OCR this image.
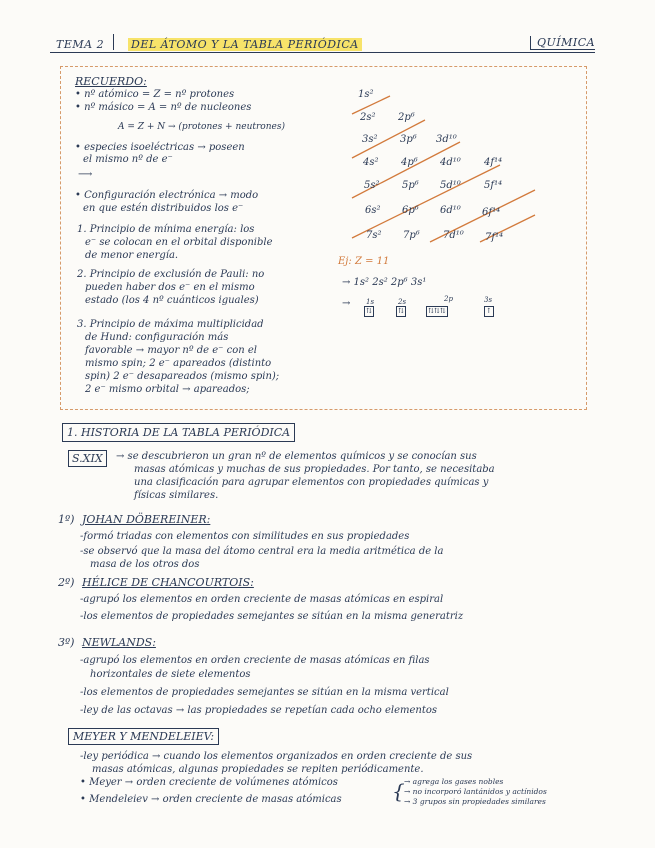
TEMA 2 DEL ÁTOMO Y LA TABLA PERIÓDICA	QUÍMICA
RECUERDO:
• nº atómico = Z = nº protones
• nº másico = A = nº de nucleones
A = Z + N → (protones + neutrones)
• especies isoeléctricas → poseen
el mismo nº de e⁻
⟶
• Configuración electrónica → modo
en que estén distribuidos los e⁻
1. Principio de mínima energía: los
e⁻ se colocan en el orbital disponible
de menor energía.
2. Principio de exclusión de Pauli: no
pueden haber dos e⁻ en el mismo
estado (los 4 nº cuánticos iguales)
3. Principio de máxima multiplicidad
de Hund: configuración más
favorable → mayor nº de e⁻ con el
mismo spin; 2 e⁻ apareados (distinto
spin) 2 e⁻ desapareados (mismo spin);
2 e⁻ mismo orbital → apareados;
1s²
2s² 2p⁶
3s² 3p⁶ 3d¹⁰
4s² 4p⁶ 4d¹⁰ 4f¹⁴
5s² 5p⁶ 5d¹⁰ 5f¹⁴
6s² 6p⁶ 6d¹⁰ 6f¹⁴
7s² 7p⁶ 7d¹⁰ 7f¹⁴
Ej: Z = 11
→ 1s² 2s² 2p⁶ 3s¹
→ 1s	2s	2p	3s
⇅	⇅	⇅⇅⇅	↑
1. HISTORIA DE LA TABLA PERIÓDICA
S.XIX	→ se descubrieron un gran nº de elementos químicos y se conocían sus
masas atómicas y muchas de sus propiedades. Por tanto, se necesitaba
una clasificación para agrupar elementos con propiedades químicas y
físicas similares.
1º) JOHAN DÖBEREINER:
-formó triadas con elementos con similitudes en sus propiedades
-se observó que la masa del átomo central era la media aritmética de la
masa de los otros dos
2º) HÉLICE DE CHANCOURTOIS:
-agrupó los elementos en orden creciente de masas atómicas en espiral
-los elementos de propiedades semejantes se sitúan en la misma generatriz
3º) NEWLANDS:
-agrupó los elementos en orden creciente de masas atómicas en filas
horizontales de siete elementos
-los elementos de propiedades semejantes se sitúan en la misma vertical
-ley de las octavas → las propiedades se repetían cada ocho elementos
MEYER Y MENDELEIEV:
-ley periódica → cuando los elementos organizados en orden creciente de sus
masas atómicas, algunas propiedades se repiten periódicamente.
• Meyer → orden creciente de volúmenes atómicos
• Mendeleiev → orden creciente de masas atómicas	{ → agrega los gases nobles
→ no incorporó lantánidos y actínidos
→ 3 grupos sin propiedades similares
